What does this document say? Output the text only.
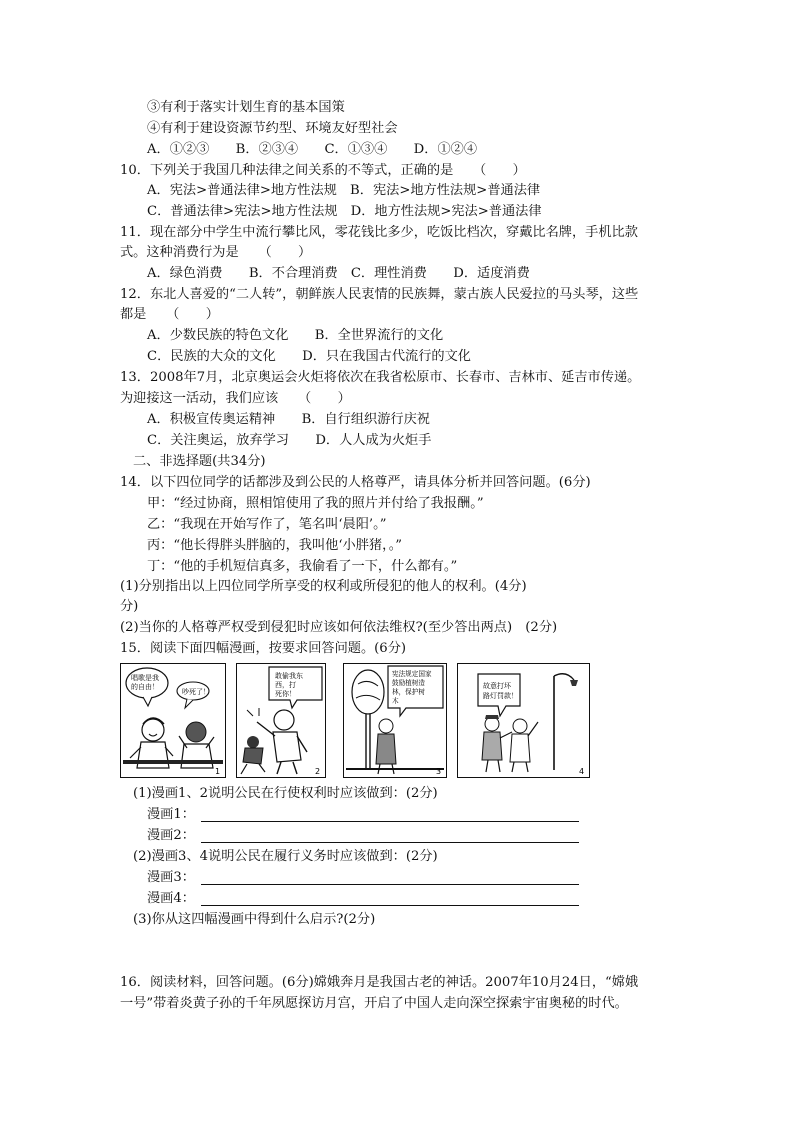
③有利于落实计划生育的基本国策
④有利于建设资源节约型、环境友好型社会
A．①②③　　B．②③④　　C．①③④　　D．①②④
10．下列关于我国几种法律之间关系的不等式，正确的是　　（　　）
A．宪法>普通法律>地方性法规　B．宪法>地方性法规>普通法律
C．普通法律>宪法>地方性法规　D．地方性法规>宪法>普通法律
11．现在部分中学生中流行攀比风，零花钱比多少，吃饭比档次，穿戴比名牌，手机比款
式。这种消费行为是　　（　　）
A．绿色消费　　B．不合理消费　C．理性消费　　D．适度消费
12．东北人喜爱的“二人转”，朝鲜族人民衷情的民族舞，蒙古族人民爱拉的马头琴，这些
都是　　（　　）
A．少数民族的特色文化　　B．全世界流行的文化
C．民族的大众的文化　　D．只在我国古代流行的文化
13．2008年7月，北京奥运会火炬将依次在我省松原市、长春市、吉林市、延吉市传递。
为迎接这一活动，我们应该　　（　　）
A．积极宣传奥运精神　　B．自行组织游行庆祝
C．关注奥运，放弃学习　　D．人人成为火炬手
二、非选择题(共34分)
14．以下四位同学的话都涉及到公民的人格尊严，请具体分析并回答问题。(6分)
甲：“经过协商，照相馆使用了我的照片并付给了我报酬。”
乙：“我现在开始写作了，笔名叫‘晨阳’。”
丙：“他长得胖头胖脑的，我叫他‘小胖猪，。”
丁：“他的手机短信真多，我偷看了一下，什么都有。”
(1)分别指出以上四位同学所享受的权利或所侵犯的他人的权利。(4分)
分)
(2)当你的人格尊严权受到侵犯时应该如何依法维权?(至少答出两点)　(2分)
15．阅读下面四幅漫画，按要求回答问题。(6分)
唱歌是我
的自由！
吵死了！
1
敢偷我东
西，打
死你！
2
宪法规定国家
鼓励植树造
林，保护树
木
3
故意打坏
路灯罚款！
4
(1)漫画1、2说明公民在行使权利时应该做到：(2分)
漫画1：
漫画2：
(2)漫画3、4说明公民在履行义务时应该做到：(2分)
漫画3：
漫画4：
(3)你从这四幅漫画中得到什么启示?(2分)
16．阅读材料，回答问题。(6分)嫦娥奔月是我国古老的神话。2007年10月24日，“嫦娥
一号”带着炎黄子孙的千年夙愿探访月宫，开启了中国人走向深空探索宇宙奥秘的时代。
